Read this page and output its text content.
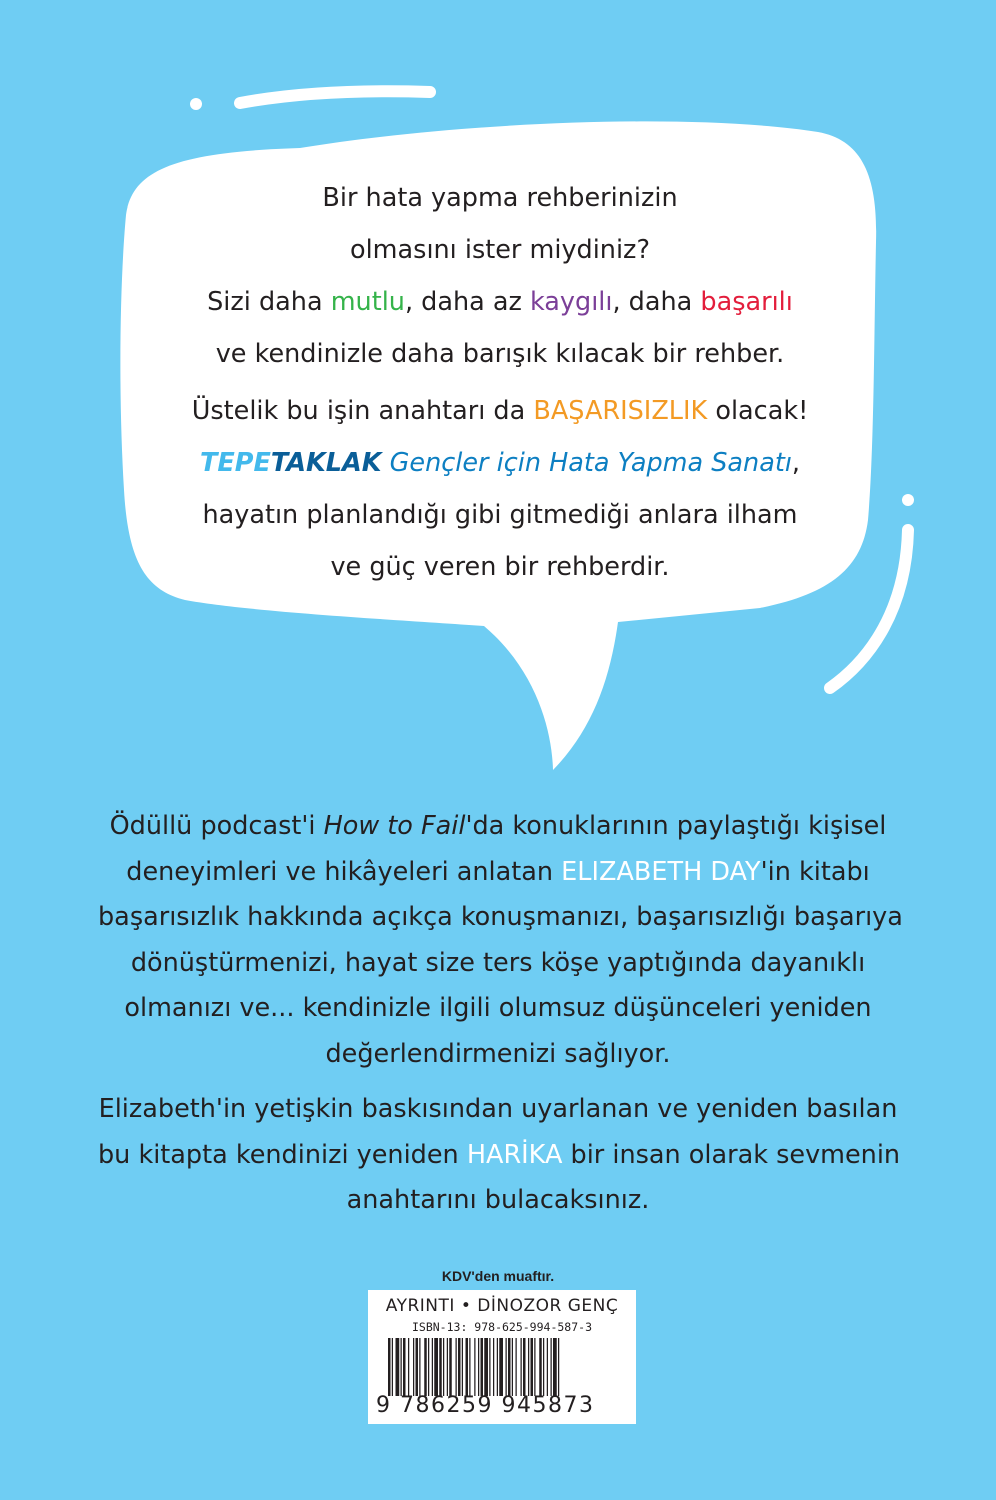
Bir hata yapma rehberinizin
olmasını ister miydiniz?
Sizi daha mutlu, daha az kaygılı, daha başarılı
ve kendinizle daha barışık kılacak bir rehber.
Üstelik bu işin anahtarı da BAŞARISIZLIK olacak!
TEPETAKLAK Gençler için Hata Yapma Sanatı,
hayatın planlandığı gibi gitmediği anlara ilham
ve güç veren bir rehberdir.
Ödüllü podcast'i How to Fail'da konuklarının paylaştığı kişisel
deneyimleri ve hikâyeleri anlatan ELIZABETH DAY'in kitabı
başarısızlık hakkında açıkça konuşmanızı, başarısızlığı başarıya
dönüştürmenizi, hayat size ters köşe yaptığında dayanıklı
olmanızı ve... kendinizle ilgili olumsuz düşünceleri yeniden
değerlendirmenizi sağlıyor.
Elizabeth'in yetişkin baskısından uyarlanan ve yeniden basılan
bu kitapta kendinizi yeniden HARİKA bir insan olarak sevmenin
anahtarını bulacaksınız.
KDV'den muaftır.
AYRINTI • DİNOZOR GENÇ
ISBN-13: 978-625-994-587-3
9 786259 945873
